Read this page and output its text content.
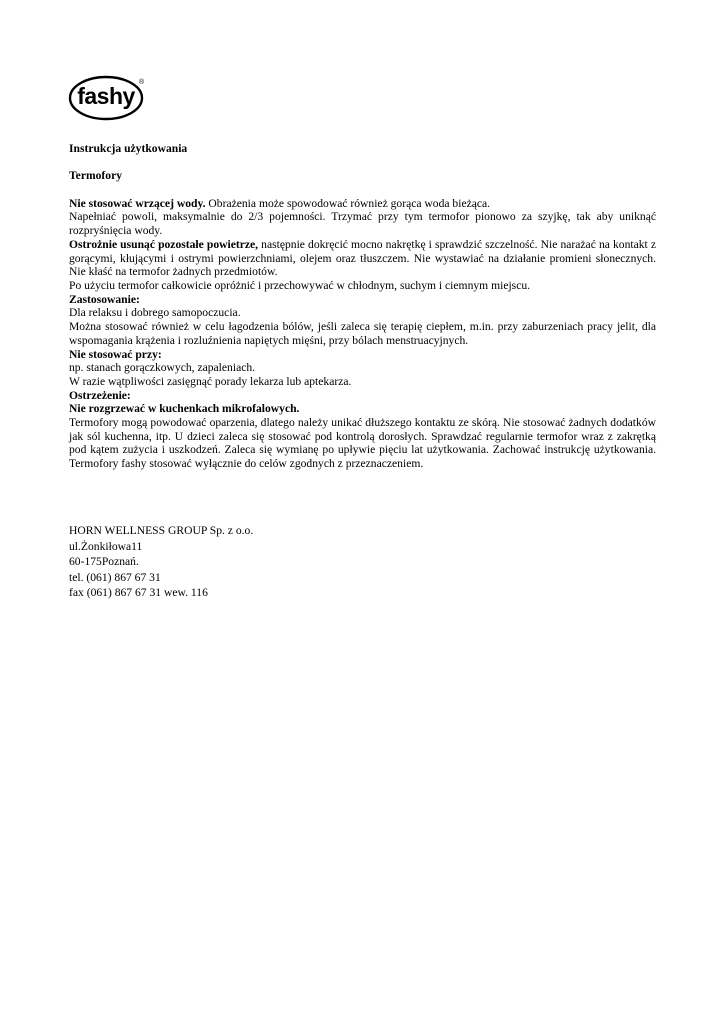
fashy
®

Instrukcja użytkowania

Termofory

Nie stosować wrzącej wody. Obrażenia może spowodować również gorąca woda bieżąca.

Napełniać powoli, maksymalnie do 2/3 pojemności. Trzymać przy tym termofor pionowo za szyjkę, tak aby uniknąć rozpryśnięcia wody.

Ostrożnie usunąć pozostałe powietrze, następnie dokręcić mocno nakrętkę i sprawdzić szczelność. Nie narażać na kontakt z gorącymi, kłującymi i ostrymi powierzchniami, olejem oraz tłuszczem. Nie wystawiać na działanie promieni słonecznych. Nie kłaść na termofor żadnych przedmiotów.

Po użyciu termofor całkowicie opróżnić i przechowywać w chłodnym, suchym i ciemnym miejscu.

Zastosowanie:

Dla relaksu i dobrego samopoczucia.

Można stosować również w celu łagodzenia bólów, jeśli zaleca się terapię ciepłem, m.in. przy zaburzeniach pracy jelit, dla wspomagania krążenia i rozluźnienia napiętych mięśni, przy bólach menstruacyjnych.

Nie stosować przy:

np. stanach gorączkowych, zapaleniach.

W razie wątpliwości zasięgnąć porady lekarza lub aptekarza.

Ostrzeżenie:

Nie rozgrzewać w kuchenkach mikrofalowych.

Termofory mogą powodować oparzenia, dlatego należy unikać dłuższego kontaktu ze skórą. Nie stosować żadnych dodatków jak sól kuchenna, itp. U dzieci zaleca się stosować pod kontrolą dorosłych. Sprawdzać regularnie termofor wraz z zakrętką pod kątem zużycia i uszkodzeń. Zaleca się wymianę po upływie pięciu lat użytkowania. Zachować instrukcję użytkowania. Termofory fashy stosować wyłącznie do celów zgodnych z przeznaczeniem.

HORN WELLNESS GROUP Sp. z o.o.

ul.Żonkiłowa11

60-175Poznań.

tel. (061) 867 67 31

fax (061) 867 67 31 wew. 116
